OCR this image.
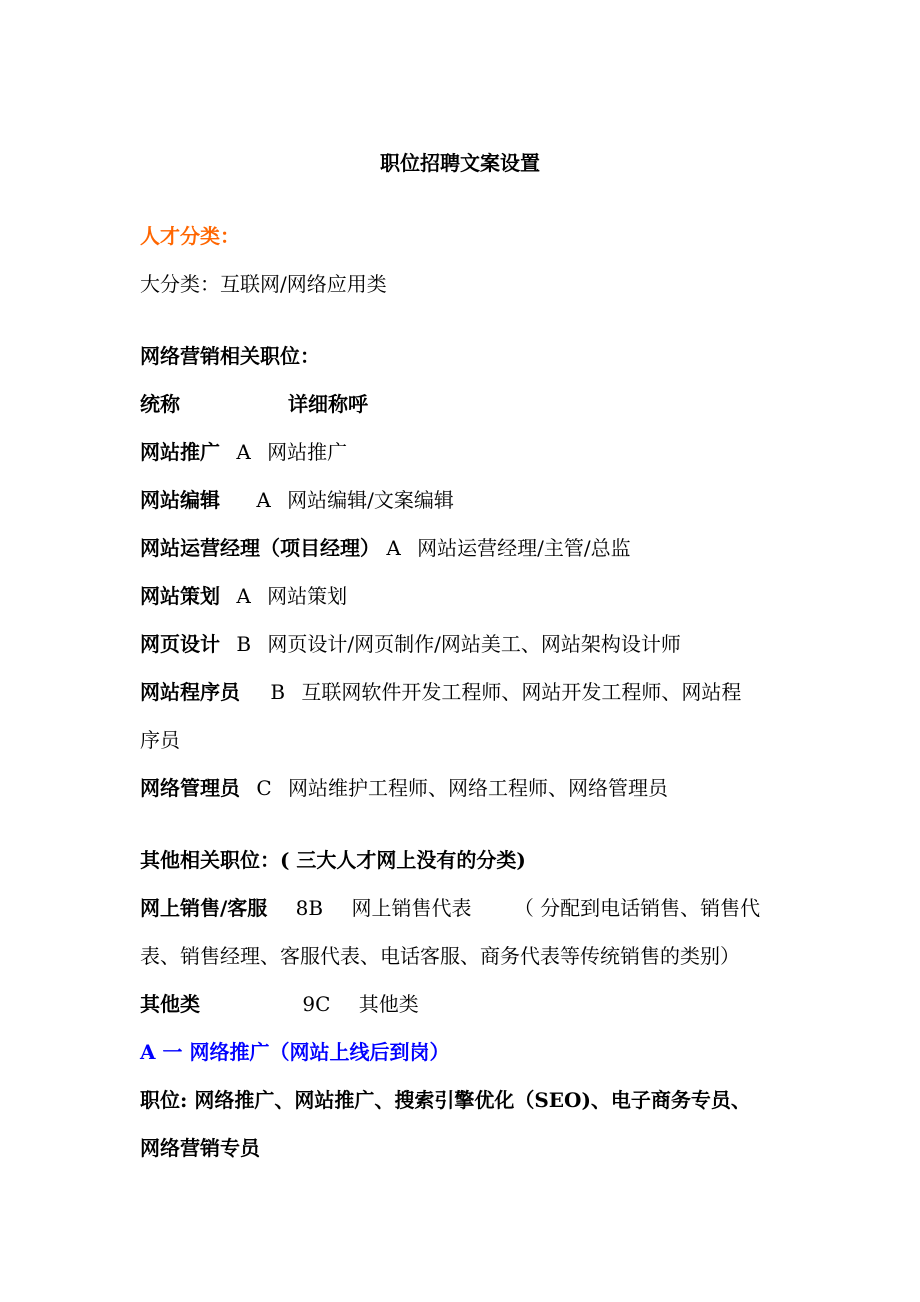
职位招聘文案设置
人才分类：
大分类：互联网/网络应用类
网络营销相关职位：
统称	详细称呼
网站推广 A 网站推广
网站编辑 A 网站编辑/文案编辑
网站运营经理（项目经理） A 网站运营经理/主管/总监
网站策划 A 网站策划
网页设计 B 网页设计/网页制作/网站美工、网站架构设计师
网站程序员 B 互联网软件开发工程师、网站开发工程师、网站程
序员
网络管理员 C 网站维护工程师、网络工程师、网络管理员
其他相关职位：( 三大人才网上没有的分类)
网上销售/客服 8B 网上销售代表 （ 分配到电话销售、销售代
表、销售经理、客服代表、电话客服、商务代表等传统销售的类别）
其他类	9C 其他类
A 一 网络推广（网站上线后到岗）
职位: 网络推广、网站推广、搜索引擎优化（SEO)、电子商务专员、
网络营销专员
